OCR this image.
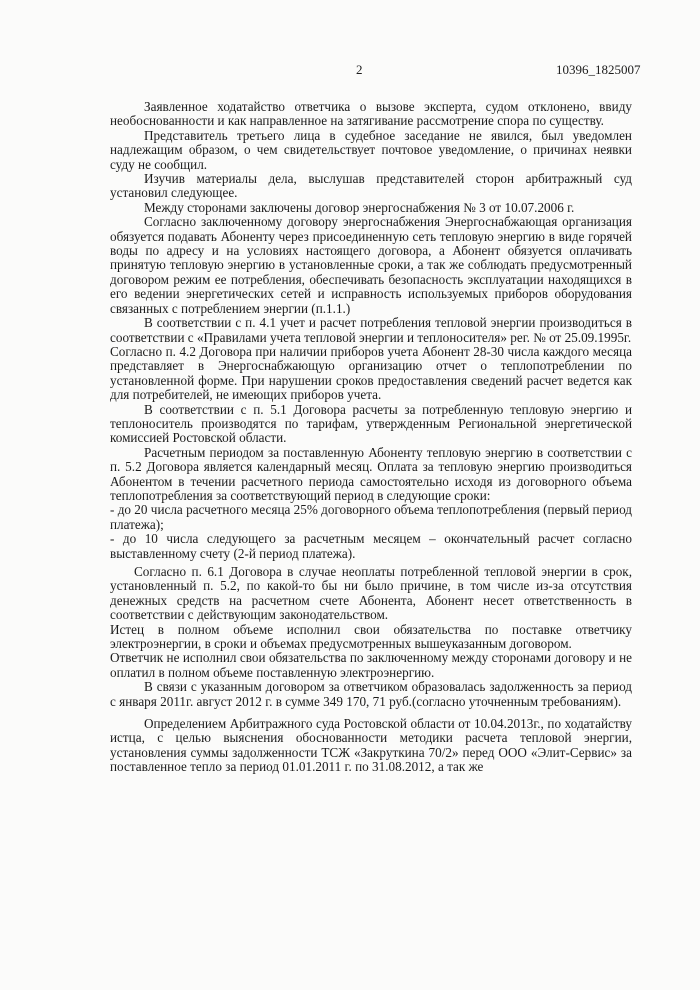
2	10396_1825007

Заявленное ходатайство ответчика о вызове эксперта, судом отклонено, ввиду необоснованности и как направленное на затягивание рассмотрение спора по существу.

Представитель третьего лица в судебное заседание не явился, был уведомлен надлежащим образом, о чем свидетельствует почтовое уведомление, о причинах неявки суду не сообщил.

Изучив материалы дела, выслушав представителей сторон арбитражный суд установил следующее.

Между сторонами заключены договор энергоснабжения № 3 от 10.07.2006 г.

Согласно заключенному договору энергоснабжения Энергоснабжающая организация обязуется подавать Абоненту через присоединенную сеть тепловую энергию в виде горячей воды по адресу и на условиях настоящего договора, а Абонент обязуется оплачивать принятую тепловую энергию в установленные сроки, а так же соблюдать предусмотренный договором режим ее потребления, обеспечивать безопасность эксплуатации находящихся в его ведении энергетических сетей и исправность используемых приборов оборудования связанных с потреблением энергии (п.1.1.)

В соответствии с п. 4.1 учет и расчет потребления тепловой энергии производиться в соответствии с «Правилами учета тепловой энергии и теплоносителя» рег. № от 25.09.1995г.

Согласно п. 4.2 Договора при наличии приборов учета Абонент 28-30 числа каждого месяца представляет в Энергоснабжающую организацию отчет о теплопотреблении по установленной форме. При нарушении сроков предоставления сведений расчет ведется как для потребителей, не имеющих приборов учета.

В соответствии с п. 5.1 Договора расчеты за потребленную тепловую энергию и теплоноситель производятся по тарифам, утвержденным Региональной энергетической комиссией Ростовской области.

Расчетным периодом за поставленную Абоненту тепловую энергию в соответствии с п. 5.2 Договора является календарный месяц. Оплата за тепловую энергию производиться Абонентом в течении расчетного периода самостоятельно исходя из договорного объема теплопотребления за соответствующий период в следующие сроки:

- до 20 числа расчетного месяца 25% договорного объема теплопотребления (первый период платежа);

- до 10 числа следующего за расчетным месяцем – окончательный расчет согласно выставленному счету (2-й период платежа).

Согласно п. 6.1 Договора в случае неоплаты потребленной тепловой энергии в срок, установленный п. 5.2, по какой-то бы ни было причине, в том числе из-за отсутствия денежных средств на расчетном счете Абонента, Абонент несет ответственность в соответствии с действующим законодательством.

Истец в полном объеме исполнил свои обязательства по поставке ответчику электроэнергии, в сроки и объемах предусмотренных вышеуказанным договором.

Ответчик не исполнил свои обязательства по заключенному между сторонами договору и не оплатил в полном объеме поставленную электроэнергию.

В связи с указанным договором за ответчиком образовалась задолженность за период с января 2011г. август 2012 г. в сумме 349 170, 71 руб.(согласно уточненным требованиям).

Определением Арбитражного суда Ростовской области от 10.04.2013г., по ходатайству истца, с целью выяснения обоснованности методики расчета тепловой энергии, установления суммы задолженности ТСЖ «Закруткина 70/2» перед ООО «Элит-Сервис» за поставленное тепло за период 01.01.2011 г. по 31.08.2012, а так же
